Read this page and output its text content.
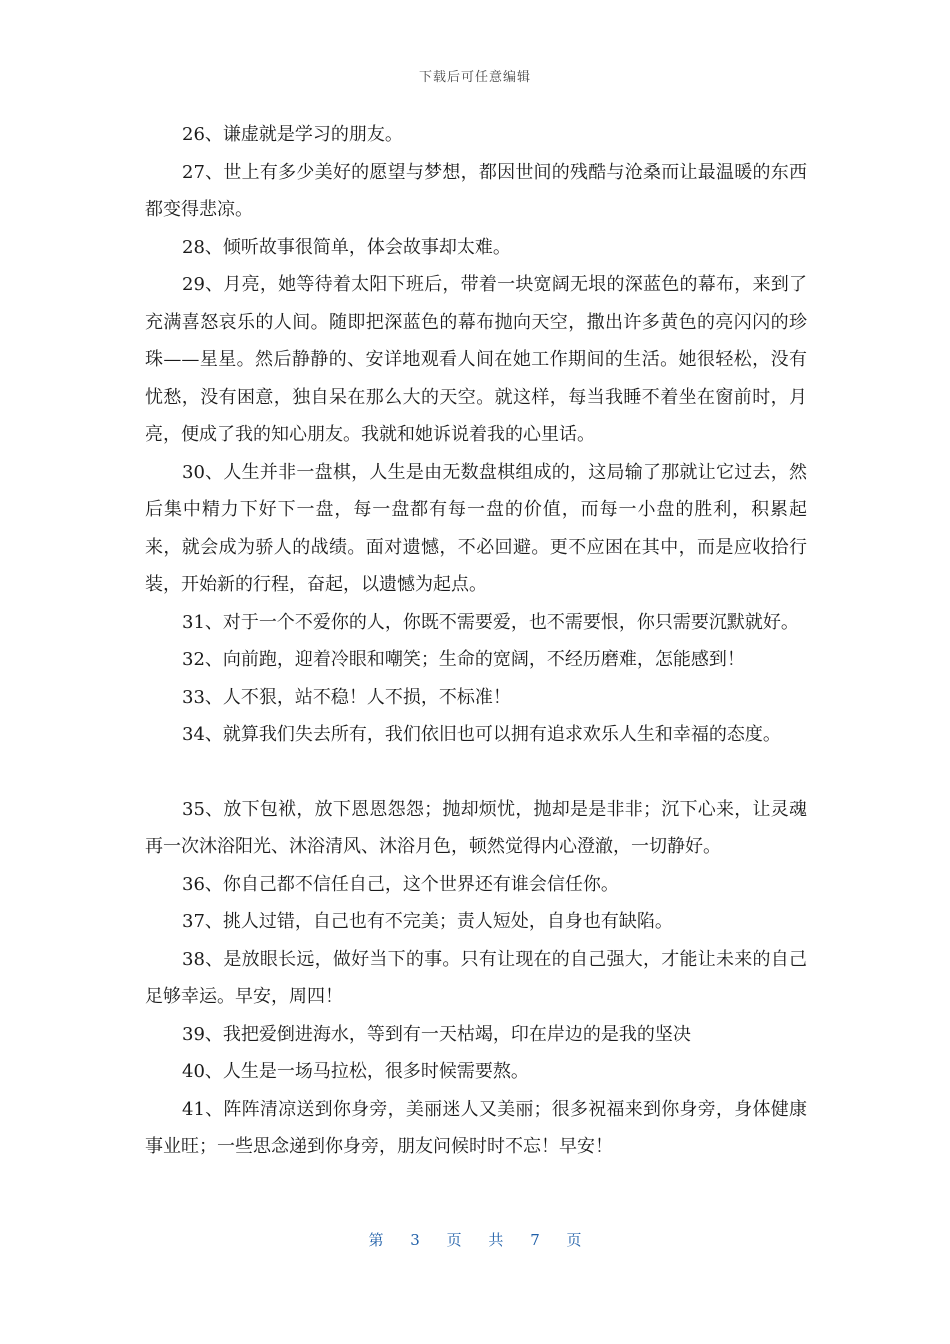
下载后可任意编辑

26、谦虚就是学习的朋友。

27、世上有多少美好的愿望与梦想，都因世间的残酷与沧桑而让最温暖的东西都变得悲凉。

28、倾听故事很简单，体会故事却太难。

29、月亮，她等待着太阳下班后，带着一块宽阔无垠的深蓝色的幕布，来到了充满喜怒哀乐的人间。随即把深蓝色的幕布抛向天空，撒出许多黄色的亮闪闪的珍珠——星星。然后静静的、安详地观看人间在她工作期间的生活。她很轻松，没有忧愁，没有困意，独自呆在那么大的天空。就这样，每当我睡不着坐在窗前时，月亮，便成了我的知心朋友。我就和她诉说着我的心里话。

30、人生并非一盘棋，人生是由无数盘棋组成的，这局输了那就让它过去，然后集中精力下好下一盘，每一盘都有每一盘的价值，而每一小盘的胜利，积累起来，就会成为骄人的战绩。面对遗憾，不必回避。更不应困在其中，而是应收拾行装，开始新的行程，奋起，以遗憾为起点。

31、对于一个不爱你的人，你既不需要爱，也不需要恨，你只需要沉默就好。

32、向前跑，迎着冷眼和嘲笑；生命的宽阔，不经历磨难，怎能感到！

33、人不狠，站不稳！人不损，不标准！

34、就算我们失去所有，我们依旧也可以拥有追求欢乐人生和幸福的态度。

35、放下包袱，放下恩恩怨怨；抛却烦忧，抛却是是非非；沉下心来，让灵魂再一次沐浴阳光、沐浴清风、沐浴月色，顿然觉得内心澄澈，一切静好。

36、你自己都不信任自己，这个世界还有谁会信任你。

37、挑人过错，自己也有不完美；责人短处，自身也有缺陷。

38、是放眼长远，做好当下的事。只有让现在的自己强大，才能让未来的自己足够幸运。早安，周四！

39、我把爱倒进海水，等到有一天枯竭，印在岸边的是我的坚决

40、人生是一场马拉松，很多时候需要熬。

41、阵阵清凉送到你身旁，美丽迷人又美丽；很多祝福来到你身旁，身体健康事业旺；一些思念递到你身旁，朋友问候时时不忘！早安！

第 3 页 共 7 页
